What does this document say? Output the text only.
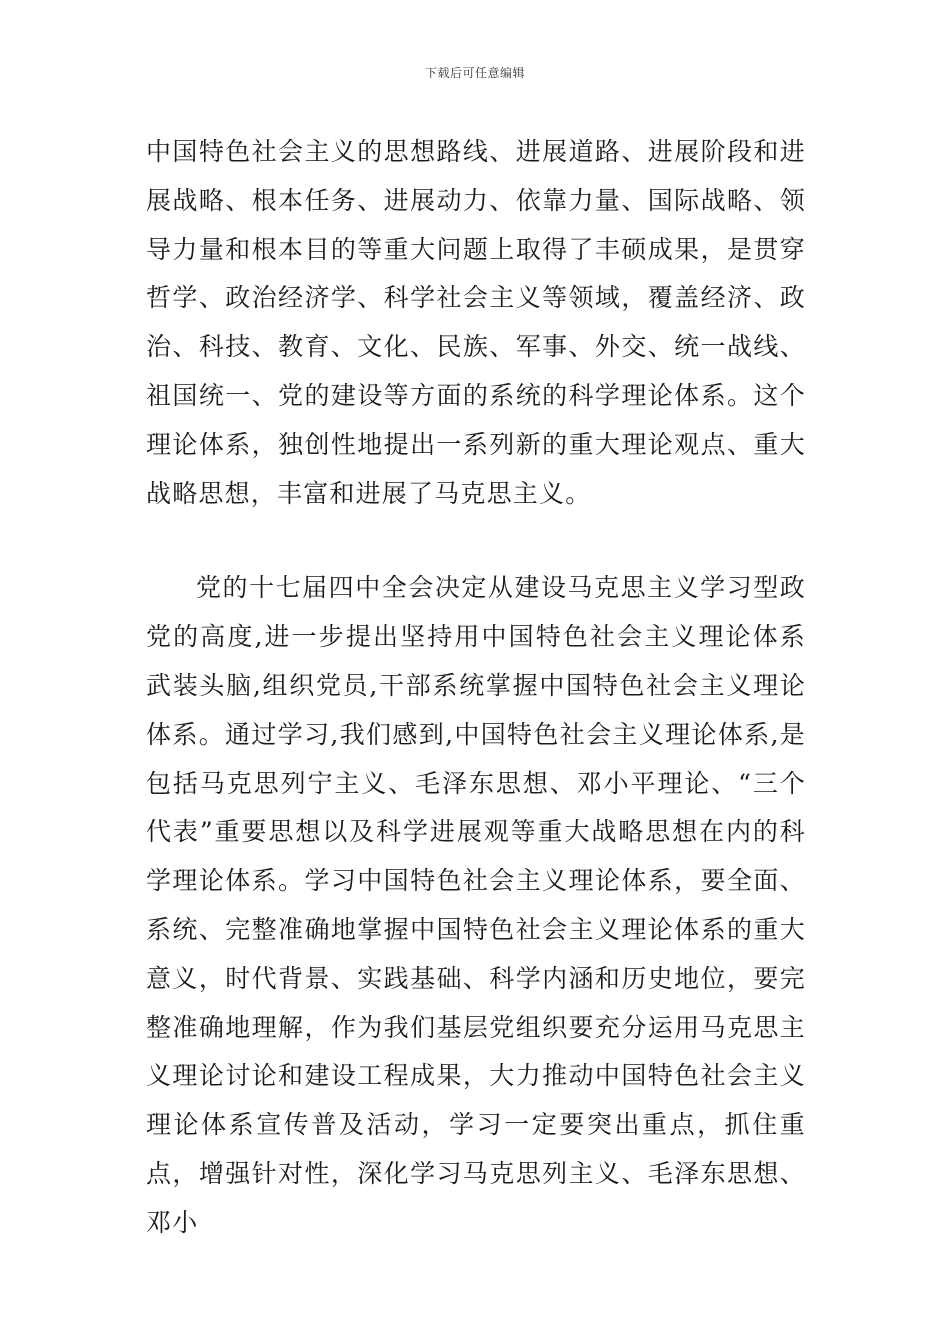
下载后可任意编辑

中国特色社会主义的思想路线、进展道路、进展阶段和进展战略、根本任务、进展动力、依靠力量、国际战略、领导力量和根本目的等重大问题上取得了丰硕成果，是贯穿哲学、政治经济学、科学社会主义等领域，覆盖经济、政治、科技、教育、文化、民族、军事、外交、统一战线、祖国统一、党的建设等方面的系统的科学理论体系。这个理论体系，独创性地提出一系列新的重大理论观点、重大战略思想，丰富和进展了马克思主义。

党的十七届四中全会决定从建设马克思主义学习型政党的高度,进一步提出坚持用中国特色社会主义理论体系武装头脑,组织党员,干部系统掌握中国特色社会主义理论体系。通过学习,我们感到,中国特色社会主义理论体系,是包括马克思列宁主义、毛泽东思想、邓小平理论、“三个代表”重要思想以及科学进展观等重大战略思想在内的科学理论体系。学习中国特色社会主义理论体系，要全面、系统、完整准确地掌握中国特色社会主义理论体系的重大意义，时代背景、实践基础、科学内涵和历史地位，要完整准确地理解，作为我们基层党组织要充分运用马克思主义理论讨论和建设工程成果，大力推动中国特色社会主义理论体系宣传普及活动，学习一定要突出重点，抓住重点，增强针对性，深化学习马克思列主义、毛泽东思想、邓小
